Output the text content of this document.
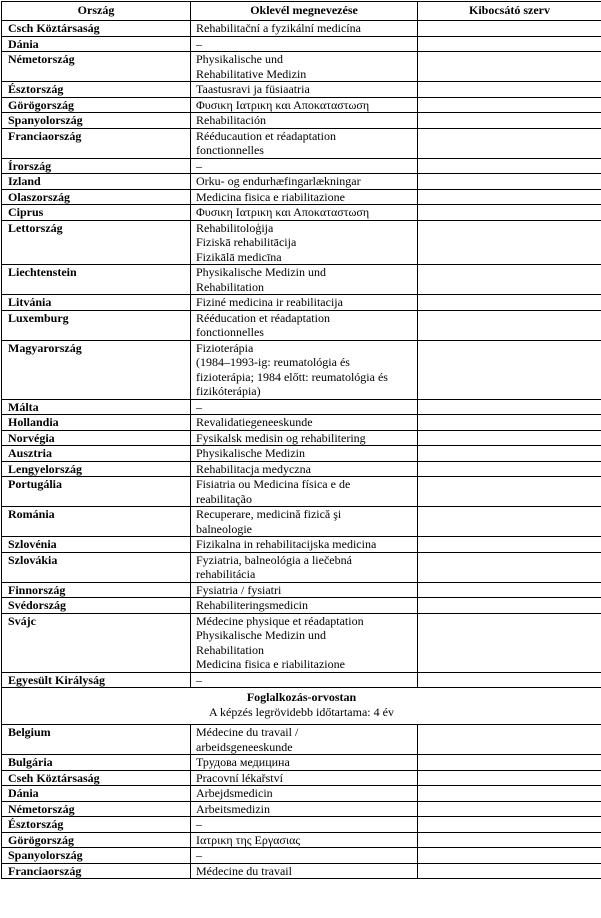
Ország	Oklevél megnevezése	Kibocsátó szerv
Csch Köztársaság	Rehabilitační a fyzikální medicína	
Dánia	–	
Németország	Physikalische und
Rehabilitative Medizin	
Észtország	Taastusravi ja füsiaatria	
Görögország	Φυσικη Ιατρικη και Αποκαταστωση	
Spanyolország	Rehabilitación	
Franciaország	Rééducaution et réadaptation
fonctionnelles	
Írország	–	
Izland	Orku- og endurhæfingarlækningar	
Olaszország	Medicina fisica e riabilitazione	
Ciprus	Φυσικη Ιατρικη και Αποκαταστωση	
Lettország	Rehabilitoloģija
Fiziskā rehabilitācija
Fizikālā medicīna	
Liechtenstein	Physikalische Medizin und
Rehabilitation	
Litvánia	Fiziné medicina ir reabilitacija	
Luxemburg	Rééducation et réadaptation
fonctionnelles	
Magyarország	Fizioterápia
(1984–1993-ig: reumatológia és
fizioterápia; 1984 előtt: reumatológia és
fizikóterápia)	
Málta	–	
Hollandia	Revalidatiegeneeskunde	
Norvégia	Fysikalsk medisin og rehabilitering	
Ausztria	Physikalische Medizin	
Lengyelország	Rehabilitacja medyczna	
Portugália	Fisiatria ou Medicina física e de
reabilitação	
Románia	Recuperare, medicină fizică şi
balneologie	
Szlovénia	Fizikalna in rehabilitacijska medicina	
Szlovákia	Fyziatria, balneológia a liečebná
rehabilitácia	
Finnország	Fysiatria / fysiatri	
Svédország	Rehabiliteringsmedicin	
Svájc	Médecine physique et réadaptation
Physikalische Medizin und
Rehabilitation
Medicina fisica e riabilitazione	
Egyesült Királyság	–	

Foglalkozás-orvostan
A képzés legrövidebb időtartama: 4 év		

Belgium	Médecine du travail /
arbeidsgeneeskunde	
Bulgária	Трудова медицина	
Cseh Köztársaság	Pracovní lékařství	
Dánia	Arbejdsmedicin	
Németország	Arbeitsmedizin	
Észtország	–	
Görögország	Ιατρικη της Εργασιας	
Spanyolország	–	
Franciaország	Médecine du travail	
